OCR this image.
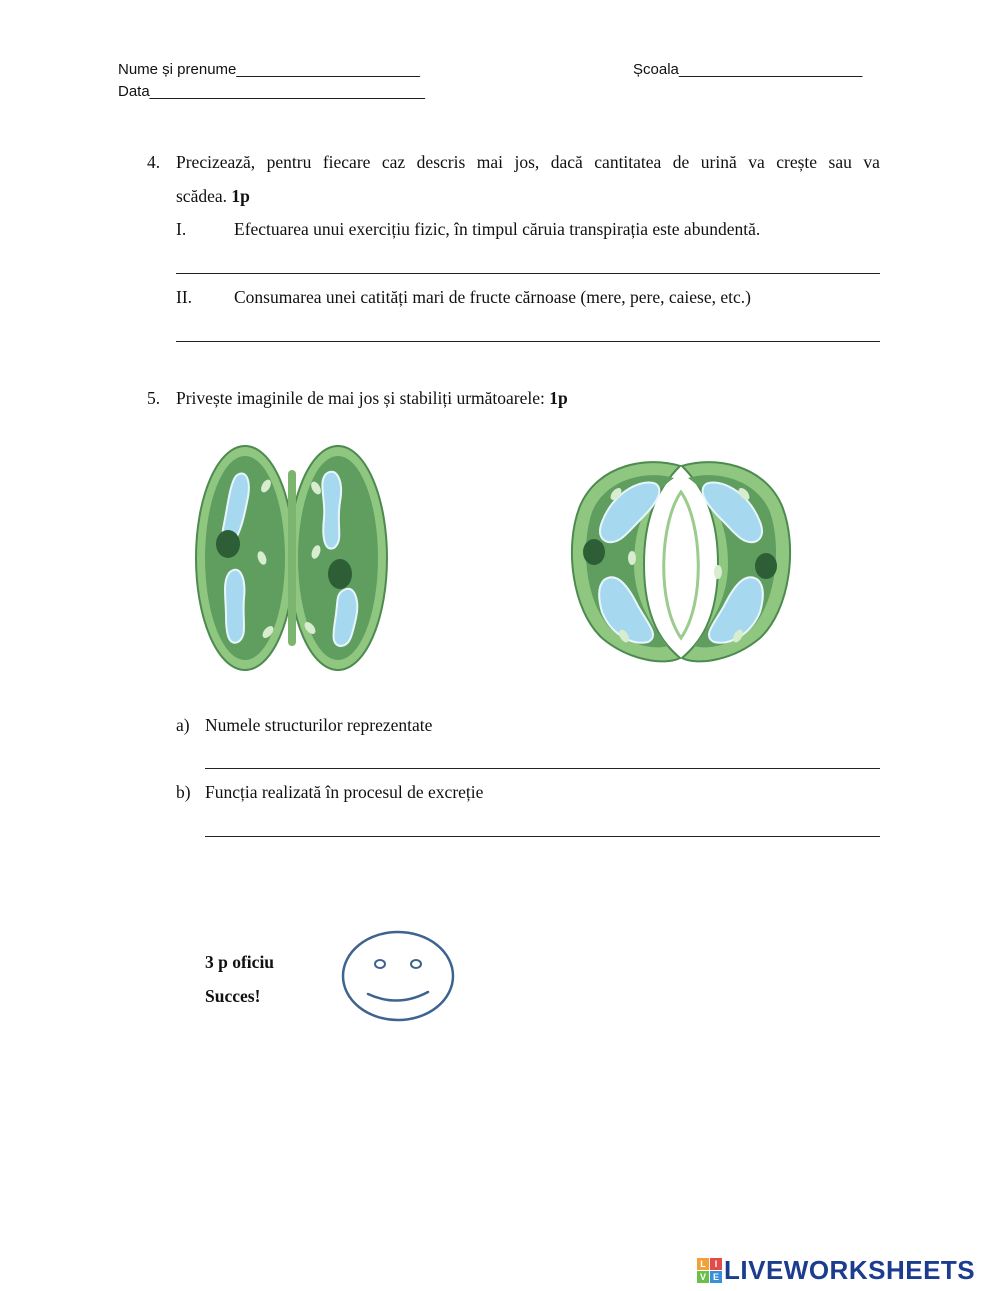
Nume și prenume______________________	Școala______________________
Data_________________________________
4. Precizează, pentru fiecare caz descris mai jos, dacă cantitatea de urină va crește sau va
scădea. 1p
I.	Efectuarea unui exercițiu fizic, în timpul căruia transpirația este abundentă.
II. Consumarea unei catități mari de fructe cărnoase (mere, pere, caiese, etc.)
5. Privește imaginile de mai jos și stabiliți următoarele: 1p
a) Numele structurilor reprezentate
b) Funcția realizată în procesul de excreție
3 p oficiu
Succes!
L I
V E LIVEWORKSHEETS
